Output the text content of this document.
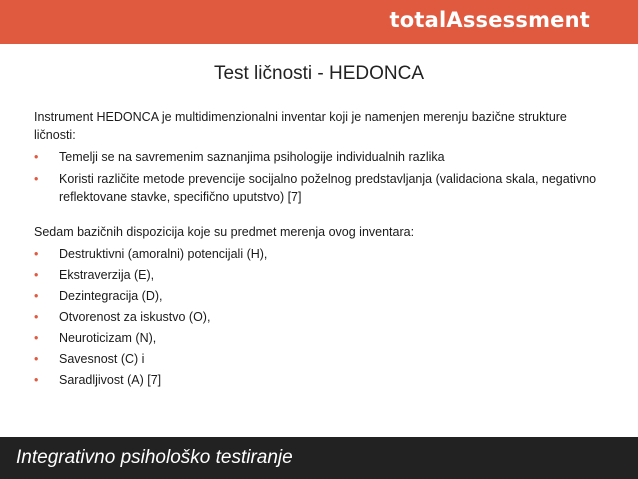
totalAssessment
Test ličnosti - HEDONCA

Instrument HEDONCA je multidimenzionalni inventar koji je namenjen merenju bazične strukture ličnosti:

• Temelji se na savremenim saznanjima psihologije individualnih razlika
• Koristi različite metode prevencije socijalno poželnog predstavljanja (validaciona skala, negativno reflektovane stavke, specifično uputstvo) [7]

Sedam bazičnih dispozicija koje su predmet merenja ovog inventara:

• Destruktivni (amoralni) potencijali (H),
• Ekstraverzija (E),
• Dezintegracija (D),
• Otvorenost za iskustvo (O),
• Neuroticizam (N),
• Savesnost (C) i
• Saradljivost (A) [7]
Integrativno psihološko testiranje
